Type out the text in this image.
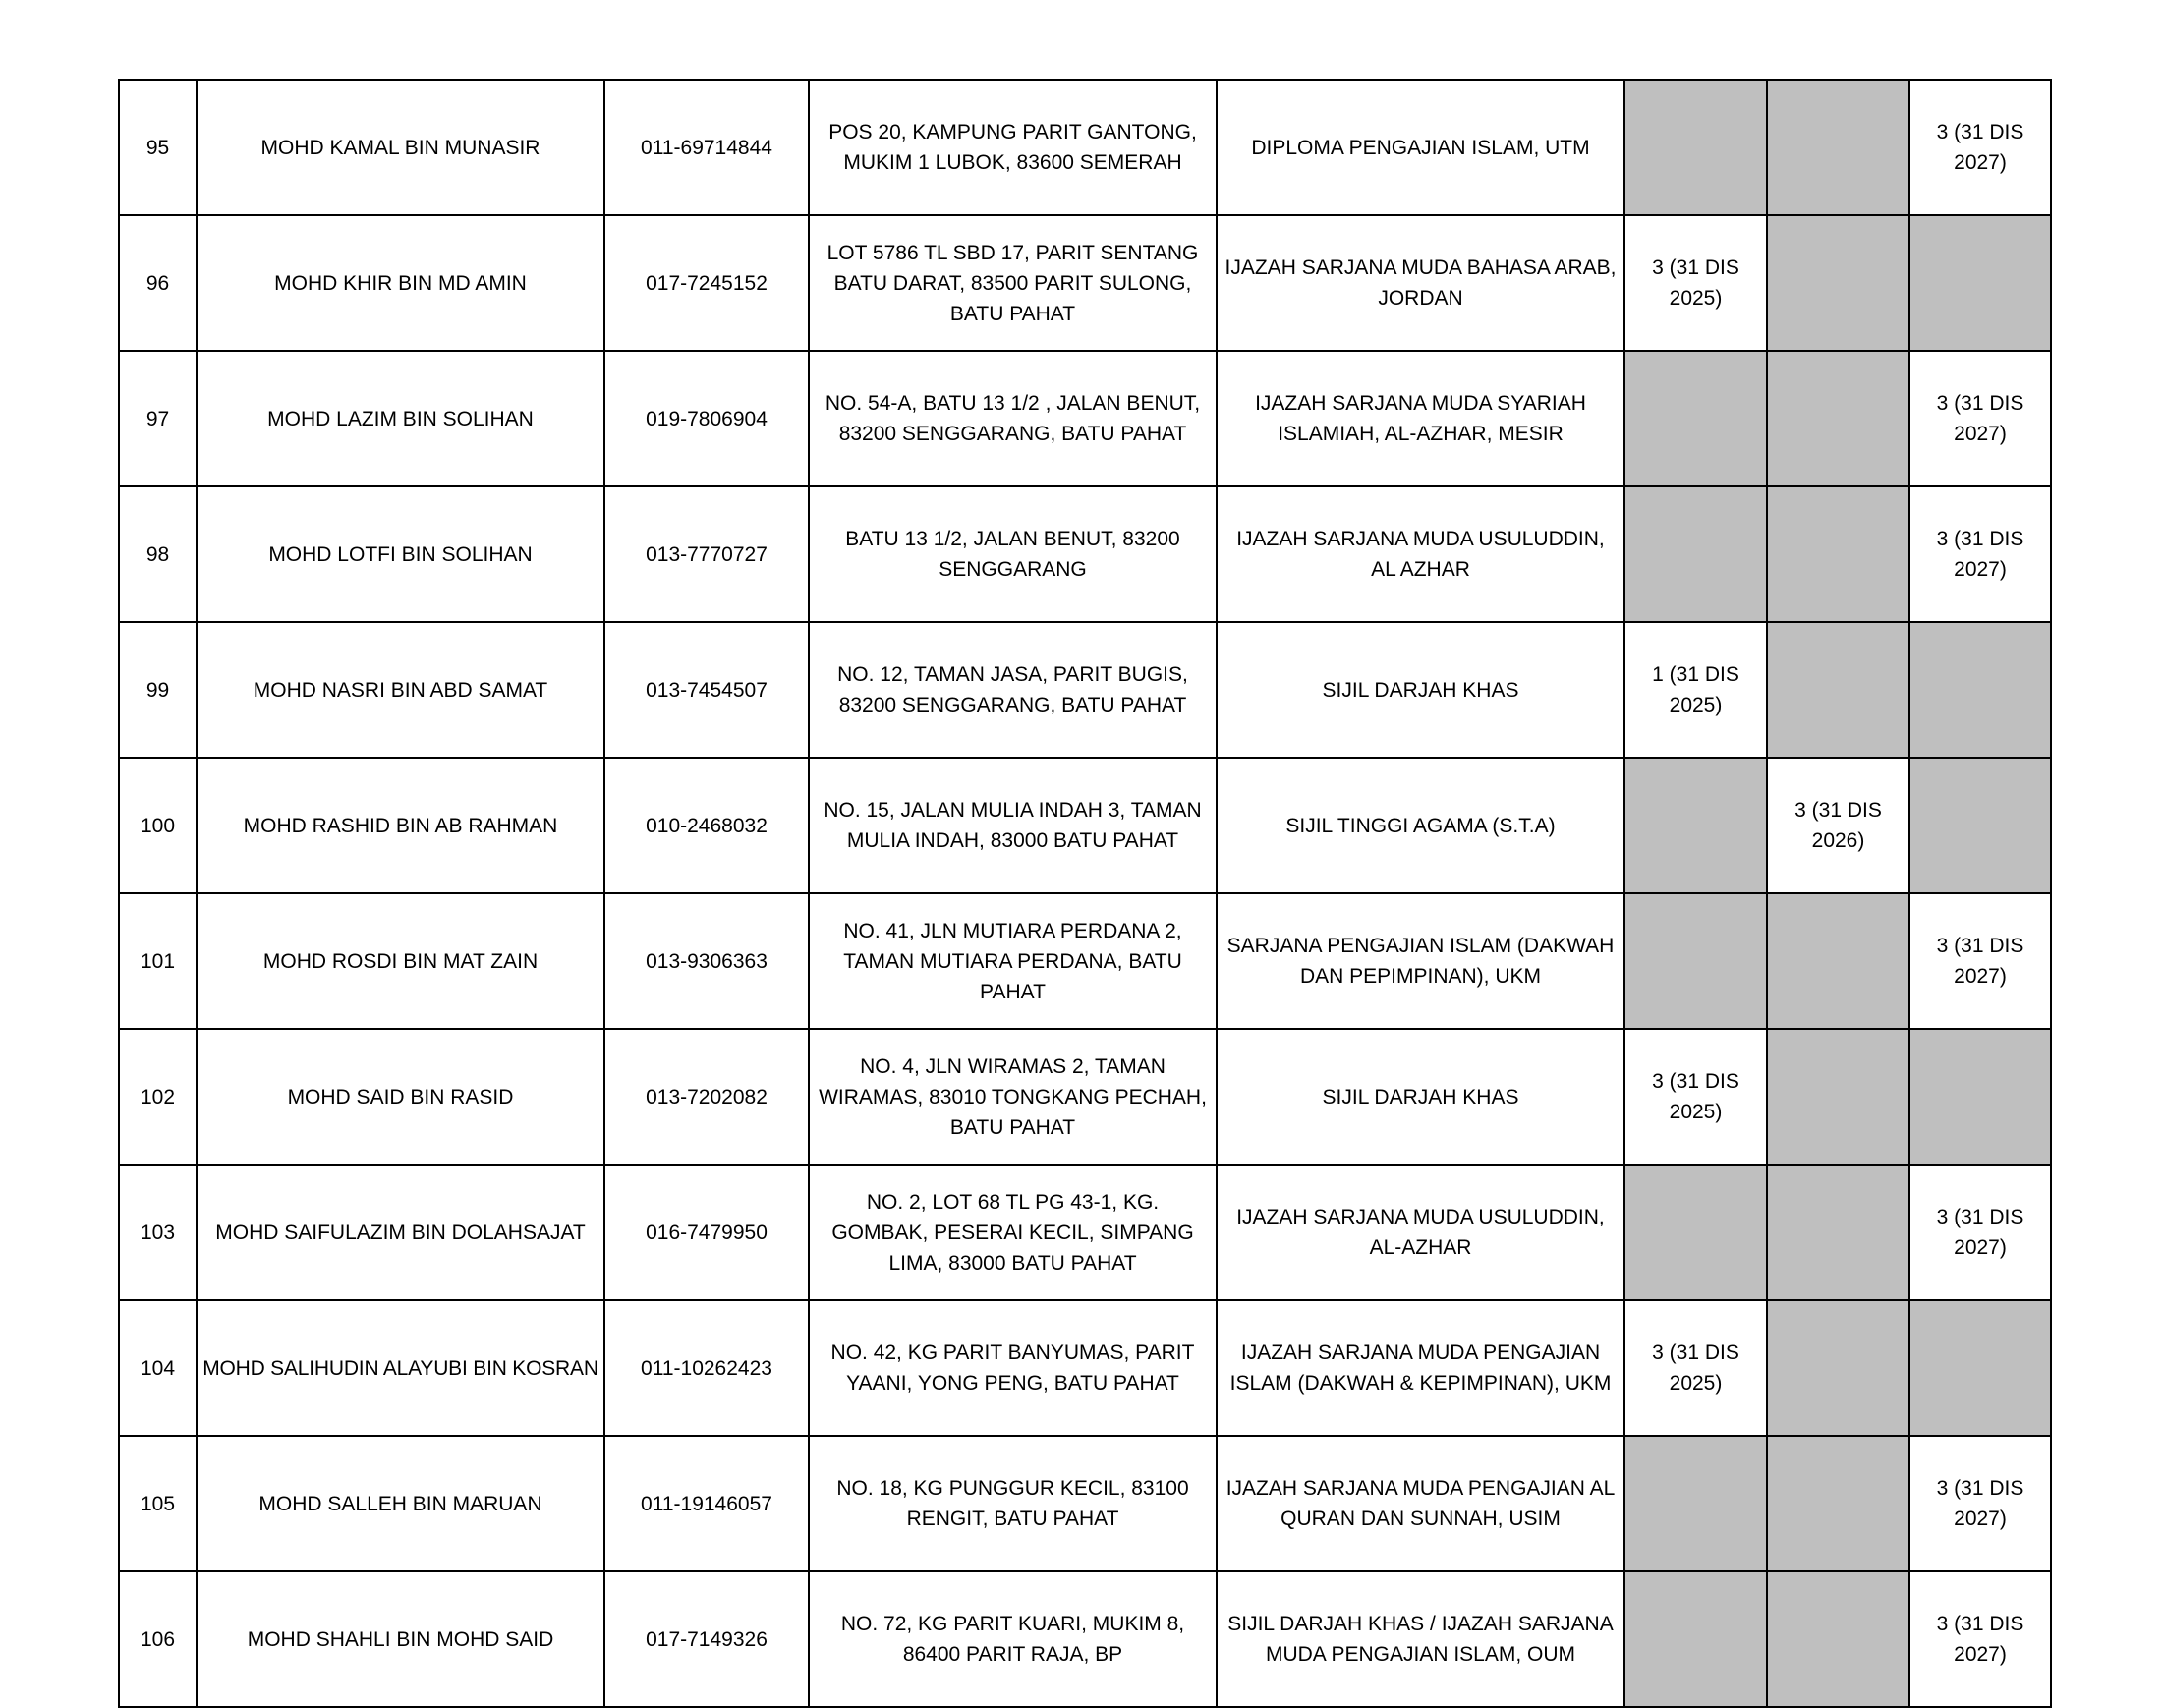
95	MOHD KAMAL BIN MUNASIR	011-69714844	POS 20, KAMPUNG PARIT GANTONG, MUKIM 1 LUBOK, 83600 SEMERAH	DIPLOMA PENGAJIAN ISLAM, UTM			3 (31 DIS 2027)
96	MOHD KHIR BIN MD AMIN	017-7245152	LOT 5786 TL SBD 17, PARIT SENTANG BATU DARAT, 83500 PARIT SULONG, BATU PAHAT	IJAZAH SARJANA MUDA BAHASA ARAB, JORDAN	3 (31 DIS 2025)		
97	MOHD LAZIM BIN SOLIHAN	019-7806904	NO. 54-A, BATU 13 1/2 , JALAN BENUT, 83200 SENGGARANG, BATU PAHAT	IJAZAH SARJANA MUDA SYARIAH ISLAMIAH, AL-AZHAR, MESIR			3 (31 DIS 2027)
98	MOHD LOTFI BIN SOLIHAN	013-7770727	BATU 13 1/2, JALAN BENUT, 83200 SENGGARANG	IJAZAH SARJANA MUDA USULUDDIN, AL AZHAR			3 (31 DIS 2027)
99	MOHD NASRI BIN ABD SAMAT	013-7454507	NO. 12, TAMAN JASA, PARIT BUGIS, 83200 SENGGARANG, BATU PAHAT	SIJIL DARJAH KHAS	1 (31 DIS 2025)		
100	MOHD RASHID BIN AB RAHMAN	010-2468032	NO. 15, JALAN MULIA INDAH 3, TAMAN MULIA INDAH, 83000 BATU PAHAT	SIJIL TINGGI AGAMA (S.T.A)		3 (31 DIS 2026)	
101	MOHD ROSDI BIN MAT ZAIN	013-9306363	NO. 41, JLN MUTIARA PERDANA 2, TAMAN MUTIARA PERDANA, BATU PAHAT	SARJANA PENGAJIAN ISLAM (DAKWAH DAN PEPIMPINAN), UKM			3 (31 DIS 2027)
102	MOHD SAID BIN RASID	013-7202082	NO. 4, JLN WIRAMAS 2, TAMAN WIRAMAS, 83010 TONGKANG PECHAH, BATU PAHAT	SIJIL DARJAH KHAS	3 (31 DIS 2025)		
103	MOHD SAIFULAZIM BIN DOLAHSAJAT	016-7479950	NO. 2, LOT 68 TL PG 43-1, KG. GOMBAK, PESERAI KECIL, SIMPANG LIMA, 83000 BATU PAHAT	IJAZAH SARJANA MUDA USULUDDIN, AL-AZHAR			3 (31 DIS 2027)
104	MOHD SALIHUDIN ALAYUBI BIN KOSRAN	011-10262423	NO. 42, KG PARIT BANYUMAS, PARIT YAANI, YONG PENG, BATU PAHAT	IJAZAH SARJANA MUDA PENGAJIAN ISLAM (DAKWAH & KEPIMPINAN), UKM	3 (31 DIS 2025)		
105	MOHD SALLEH BIN MARUAN	011-19146057	NO. 18, KG PUNGGUR KECIL, 83100 RENGIT, BATU PAHAT	IJAZAH SARJANA MUDA PENGAJIAN AL QURAN DAN SUNNAH, USIM			3 (31 DIS 2027)
106	MOHD SHAHLI BIN MOHD SAID	017-7149326	NO. 72, KG PARIT KUARI, MUKIM 8, 86400 PARIT RAJA, BP	SIJIL DARJAH KHAS / IJAZAH SARJANA MUDA PENGAJIAN ISLAM, OUM			3 (31 DIS 2027)
